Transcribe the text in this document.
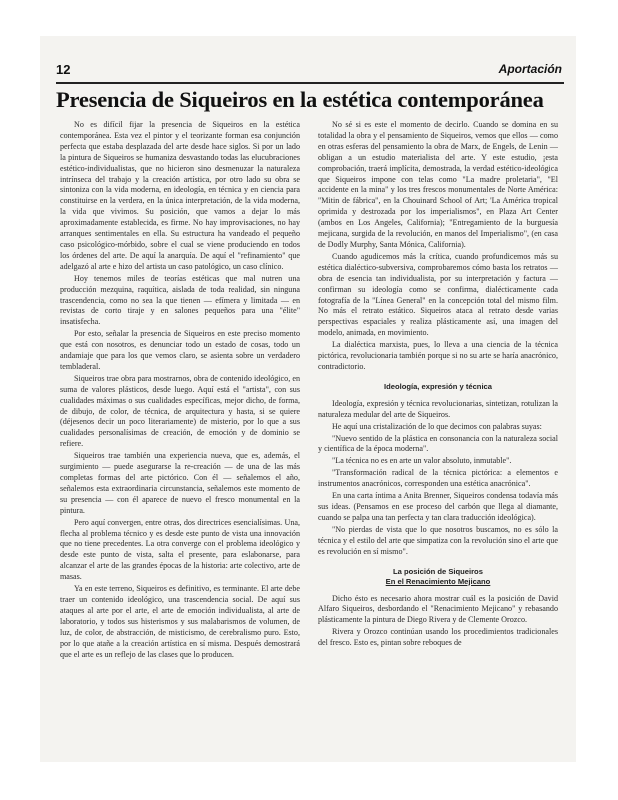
12	Aportación
Presencia de Siqueiros en la estética contemporánea

No es difícil fijar la presencia de Siqueiros en la estética contemporánea. Esta vez el pintor y el teorizante forman esa conjunción perfecta que estaba desplazada del arte desde hace siglos. Si por un lado la pintura de Siqueiros se humaniza desvastando todas las elucubraciones estético-individualistas, que no hicieron sino desmenuzar la naturaleza intrínseca del trabajo y la creación artística, por otro lado su obra se sintoniza con la vida moderna, en ideología, en técnica y en ciencia para constituirse en la verdera, en la única interpretación, de la vida moderna, la vida que vivimos. Su posición, que vamos a dejar lo más aproximadamente establecida, es firme. No hay improvisaciones, no hay arranques sentimentales en ella. Su estructura ha vandeado el pequeño caso psicológico-mórbido, sobre el cual se viene produciendo en todos los órdenes del arte. De aquí la anarquía. De aquí el "refinamiento" que adelgazó al arte e hizo del artista un caso patológico, un caso clínico.

Hoy tenemos miles de teorías estéticas que mal nutren una producción mezquina, raquítica, aislada de toda realidad, sin ninguna trascendencia, como no sea la que tienen — efímera y limitada — en revistas de corto tiraje y en salones pequeños para una "élite" insatisfecha.

Por esto, señalar la presencia de Siqueiros en este preciso momento que está con nosotros, es denunciar todo un estado de cosas, todo un andamiaje que para los que vemos claro, se asienta sobre un verdadero tembladeral.

Siqueiros trae obra para mostrarnos, obra de contenido ideológico, en suma de valores plásticos, desde luego. Aquí está el "artista", con sus cualidades máximas o sus cualidades específicas, mejor dicho, de forma, de dibujo, de color, de técnica, de arquitectura y hasta, si se quiere (déjesenos decir un poco literariamente) de misterio, por lo que a sus cualidades personalísimas de creación, de emoción y de dominio se refiere.

Siqueiros trae también una experiencia nueva, que es, además, el surgimiento — puede asegurarse la re-creación — de una de las más completas formas del arte pictórico. Con él — señalemos el año, señalemos esta extraordinaria circunstancia, señalemos este momento de su presencia — con él aparece de nuevo el fresco monumental en la pintura.

Pero aquí convergen, entre otras, dos directrices esencialísimas. Una, flecha al problema técnico y es desde este punto de vista una innovación que no tiene precedentes. La otra converge con el problema ideológico y desde este punto de vista, salta el presente, para eslabonarse, para alcanzar el arte de las grandes épocas de la historia: arte colectivo, arte de masas.

Ya en este terreno, Siqueiros es definitivo, es terminante. El arte debe traer un contenido ideológico, una trascendencia social. De aquí sus ataques al arte por el arte, el arte de emoción individualista, al arte de laboratorio, y todos sus histerismos y sus malabarismos de volumen, de luz, de color, de abstracción, de misticismo, de cerebralismo puro. Esto, por lo que atañe a la creación artística en sí misma. Después demostrará que el arte es un reflejo de las clases que lo producen.

No sé si es este el momento de decirlo. Cuando se domina en su totalidad la obra y el pensamiento de Siqueiros, vemos que ellos — como en otras esferas del pensamiento la obra de Marx, de Engels, de Lenin — obligan a un estudio materialista del arte. Y este estudio, ¡esta comprobación, traerá implícita, demostrada, la verdad estético-ideológica que Siqueiros impone con telas como "La madre proletaria", "El accidente en la mina" y los tres frescos monumentales de Norte América: "Mitin de fábrica", en la Chouinard School of Art; 'La América tropical oprimida y destrozada por los imperialismos", en Plaza Art Center (ambos en Los Angeles, California); "Entregamiento de la burguesía mejicana, surgida de la revolución, en manos del Imperialismo", (en casa de Dodly Murphy, Santa Mónica, California).

Cuando agudicemos más la crítica, cuando profundicemos más su estética dialéctico-subversiva, comprobaremos cómo basta los retratos — obra de esencia tan individualista, por su interpretación y factura — confirman su ideología como se confirma, dialécticamente cada fotografía de la "Línea General" en la concepción total del mismo film. No más el retrato estático. Siqueiros ataca al retrato desde varias perspectivas espaciales y realiza plásticamente así, una imagen del modelo, animada, en movimiento.

La dialéctica marxista, pues, lo lleva a una ciencia de la técnica pictórica, revolucionaria también porque si no su arte se haría anacrónico, contradictorio.

Ideología, expresión y técnica

Ideología, expresión y técnica revolucionarias, sintetizan, rotulizan la naturaleza medular del arte de Siqueiros.

He aquí una cristalización de lo que decimos con palabras suyas:

"Nuevo sentido de la plástica en consonancia con la naturaleza social y científica de la época moderna".

"La técnica no es en arte un valor absoluto, inmutable".

"Transformación radical de la técnica pictórica: a elementos e instrumentos anacrónicos, corresponden una estética anacrónica".

En una carta íntima a Anita Brenner, Siqueiros condensa todavía más sus ideas. (Pensamos en ese proceso del carbón que llega al diamante, cuando se palpa una tan perfecta y tan clara traducción ideológica).

"No pierdas de vista que lo que nosotros buscamos, no es sólo la técnica y el estilo del arte que simpatiza con la revolución sino el arte que es revolución en sí mismo".

La posición de Siqueiros
En el Renacimiento Mejicano

Dicho ésto es necesario ahora mostrar cuál es la posición de David Alfaro Siqueiros, desbordando el "Renacimiento Mejicano" y rebasando plásticamente la pintura de Diego Rivera y de Clemente Orozco.

Rivera y Orozco continúan usando los procedimientos tradicionales del fresco. Esto es, pintan sobre reboques de
